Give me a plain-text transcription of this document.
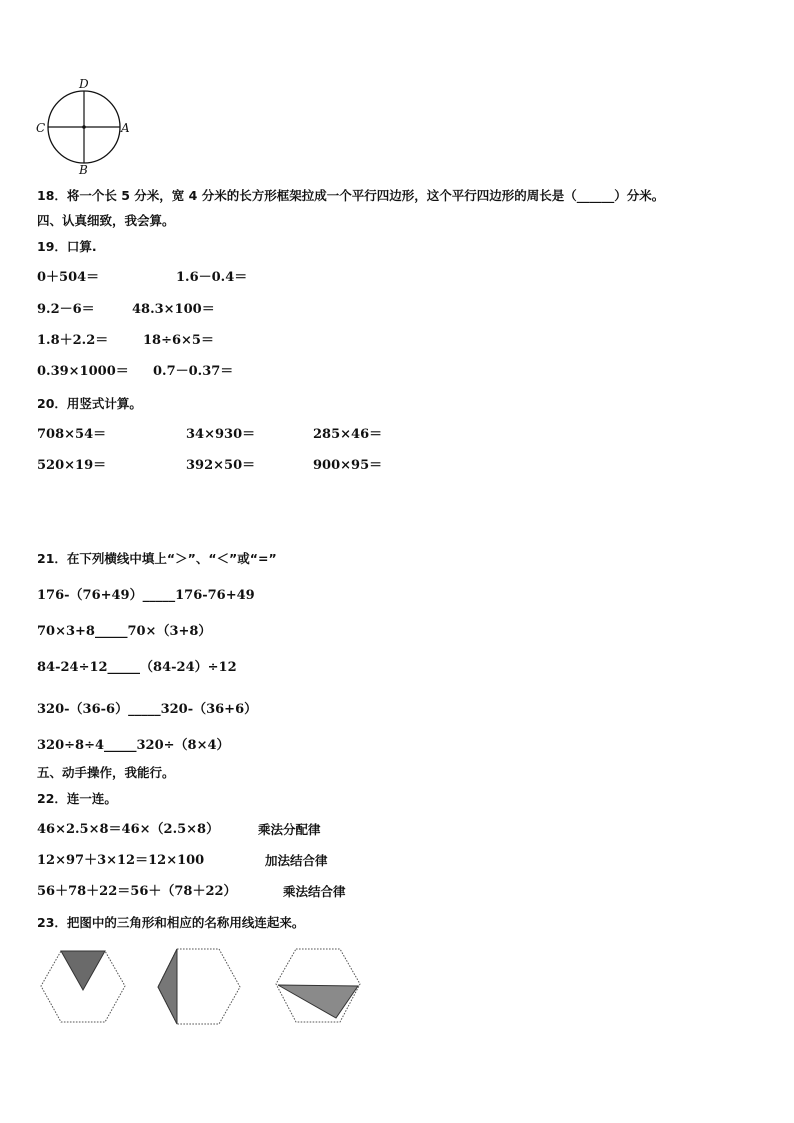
D
C	A
B
18．将一个长 5 分米，宽 4 分米的长方形框架拉成一个平行四边形，这个平行四边形的周长是（______）分米。
四、认真细致，我会算。
19．口算.
0＋504＝	1.6－0.4＝
9.2－6＝	48.3×100＝
1.8＋2.2＝	18÷6×5＝
0.39×1000＝ 0.7－0.37＝
20．用竖式计算。
708×54＝	34×930＝	285×46＝
520×19＝	392×50＝	900×95＝
21．在下列横线中填上“＞”、“＜”或“=”
176-（76+49）_____176-76+49
70×3+8_____70×（3+8）
84-24÷12_____（84-24）÷12
320-（36-6）_____320-（36+6）
320÷8÷4_____320÷（8×4）
五、动手操作，我能行。
22．连一连。
46×2.5×8＝46×（2.5×8）	乘法分配律
12×97＋3×12＝12×100	加法结合律
56＋78＋22＝56＋（78＋22）	乘法结合律
23．把图中的三角形和相应的名称用线连起来。
